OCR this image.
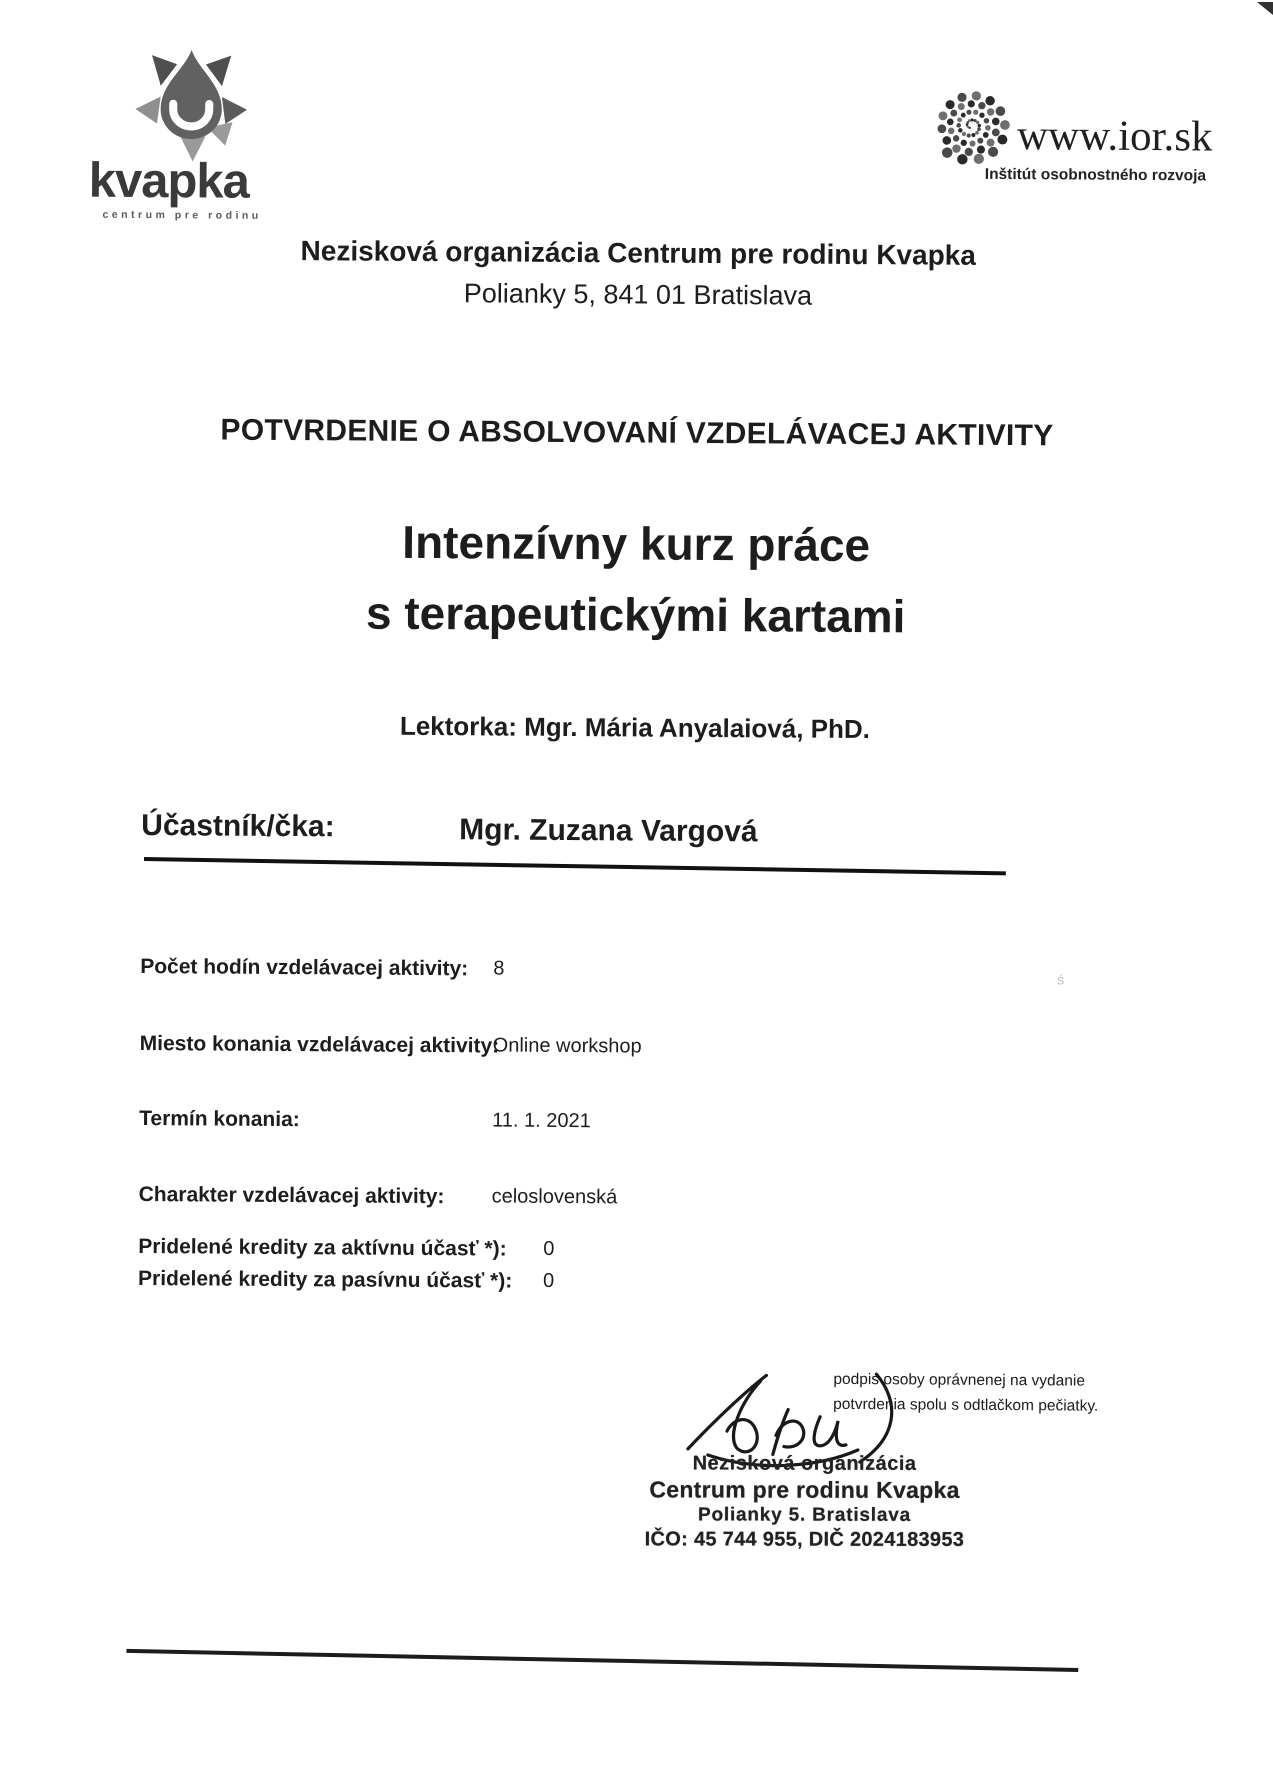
kvapka
centrum pre rodinu
www.ior.sk
Inštitút osobnostného rozvoja
Nezisková organizácia Centrum pre rodinu Kvapka
Polianky 5, 841 01 Bratislava
POTVRDENIE O ABSOLVOVANÍ VZDELÁVACEJ AKTIVITY
Intenzívny kurz práce
s terapeutickými kartami
Lektorka: Mgr. Mária Anyalaiová, PhD.
Účastník/čka:	Mgr. Zuzana Vargová
Počet hodín vzdelávacej aktivity: 8
Miesto konania vzdelávacej aktivity:
Online workshop
Termín konania:	11. 1. 2021
Charakter vzdelávacej aktivity: celoslovenská
Pridelené kredity za aktívnu účasť *): 0
Pridelené kredity za pasívnu účasť *): 0
podpis osoby oprávnenej na vydanie
potvrdenia spolu s odtlačkom pečiatky.
Nezisková organizácia
Centrum pre rodinu Kvapka
Polianky 5. Bratislava
IČO: 45 744 955, DIČ 2024183953
ś
